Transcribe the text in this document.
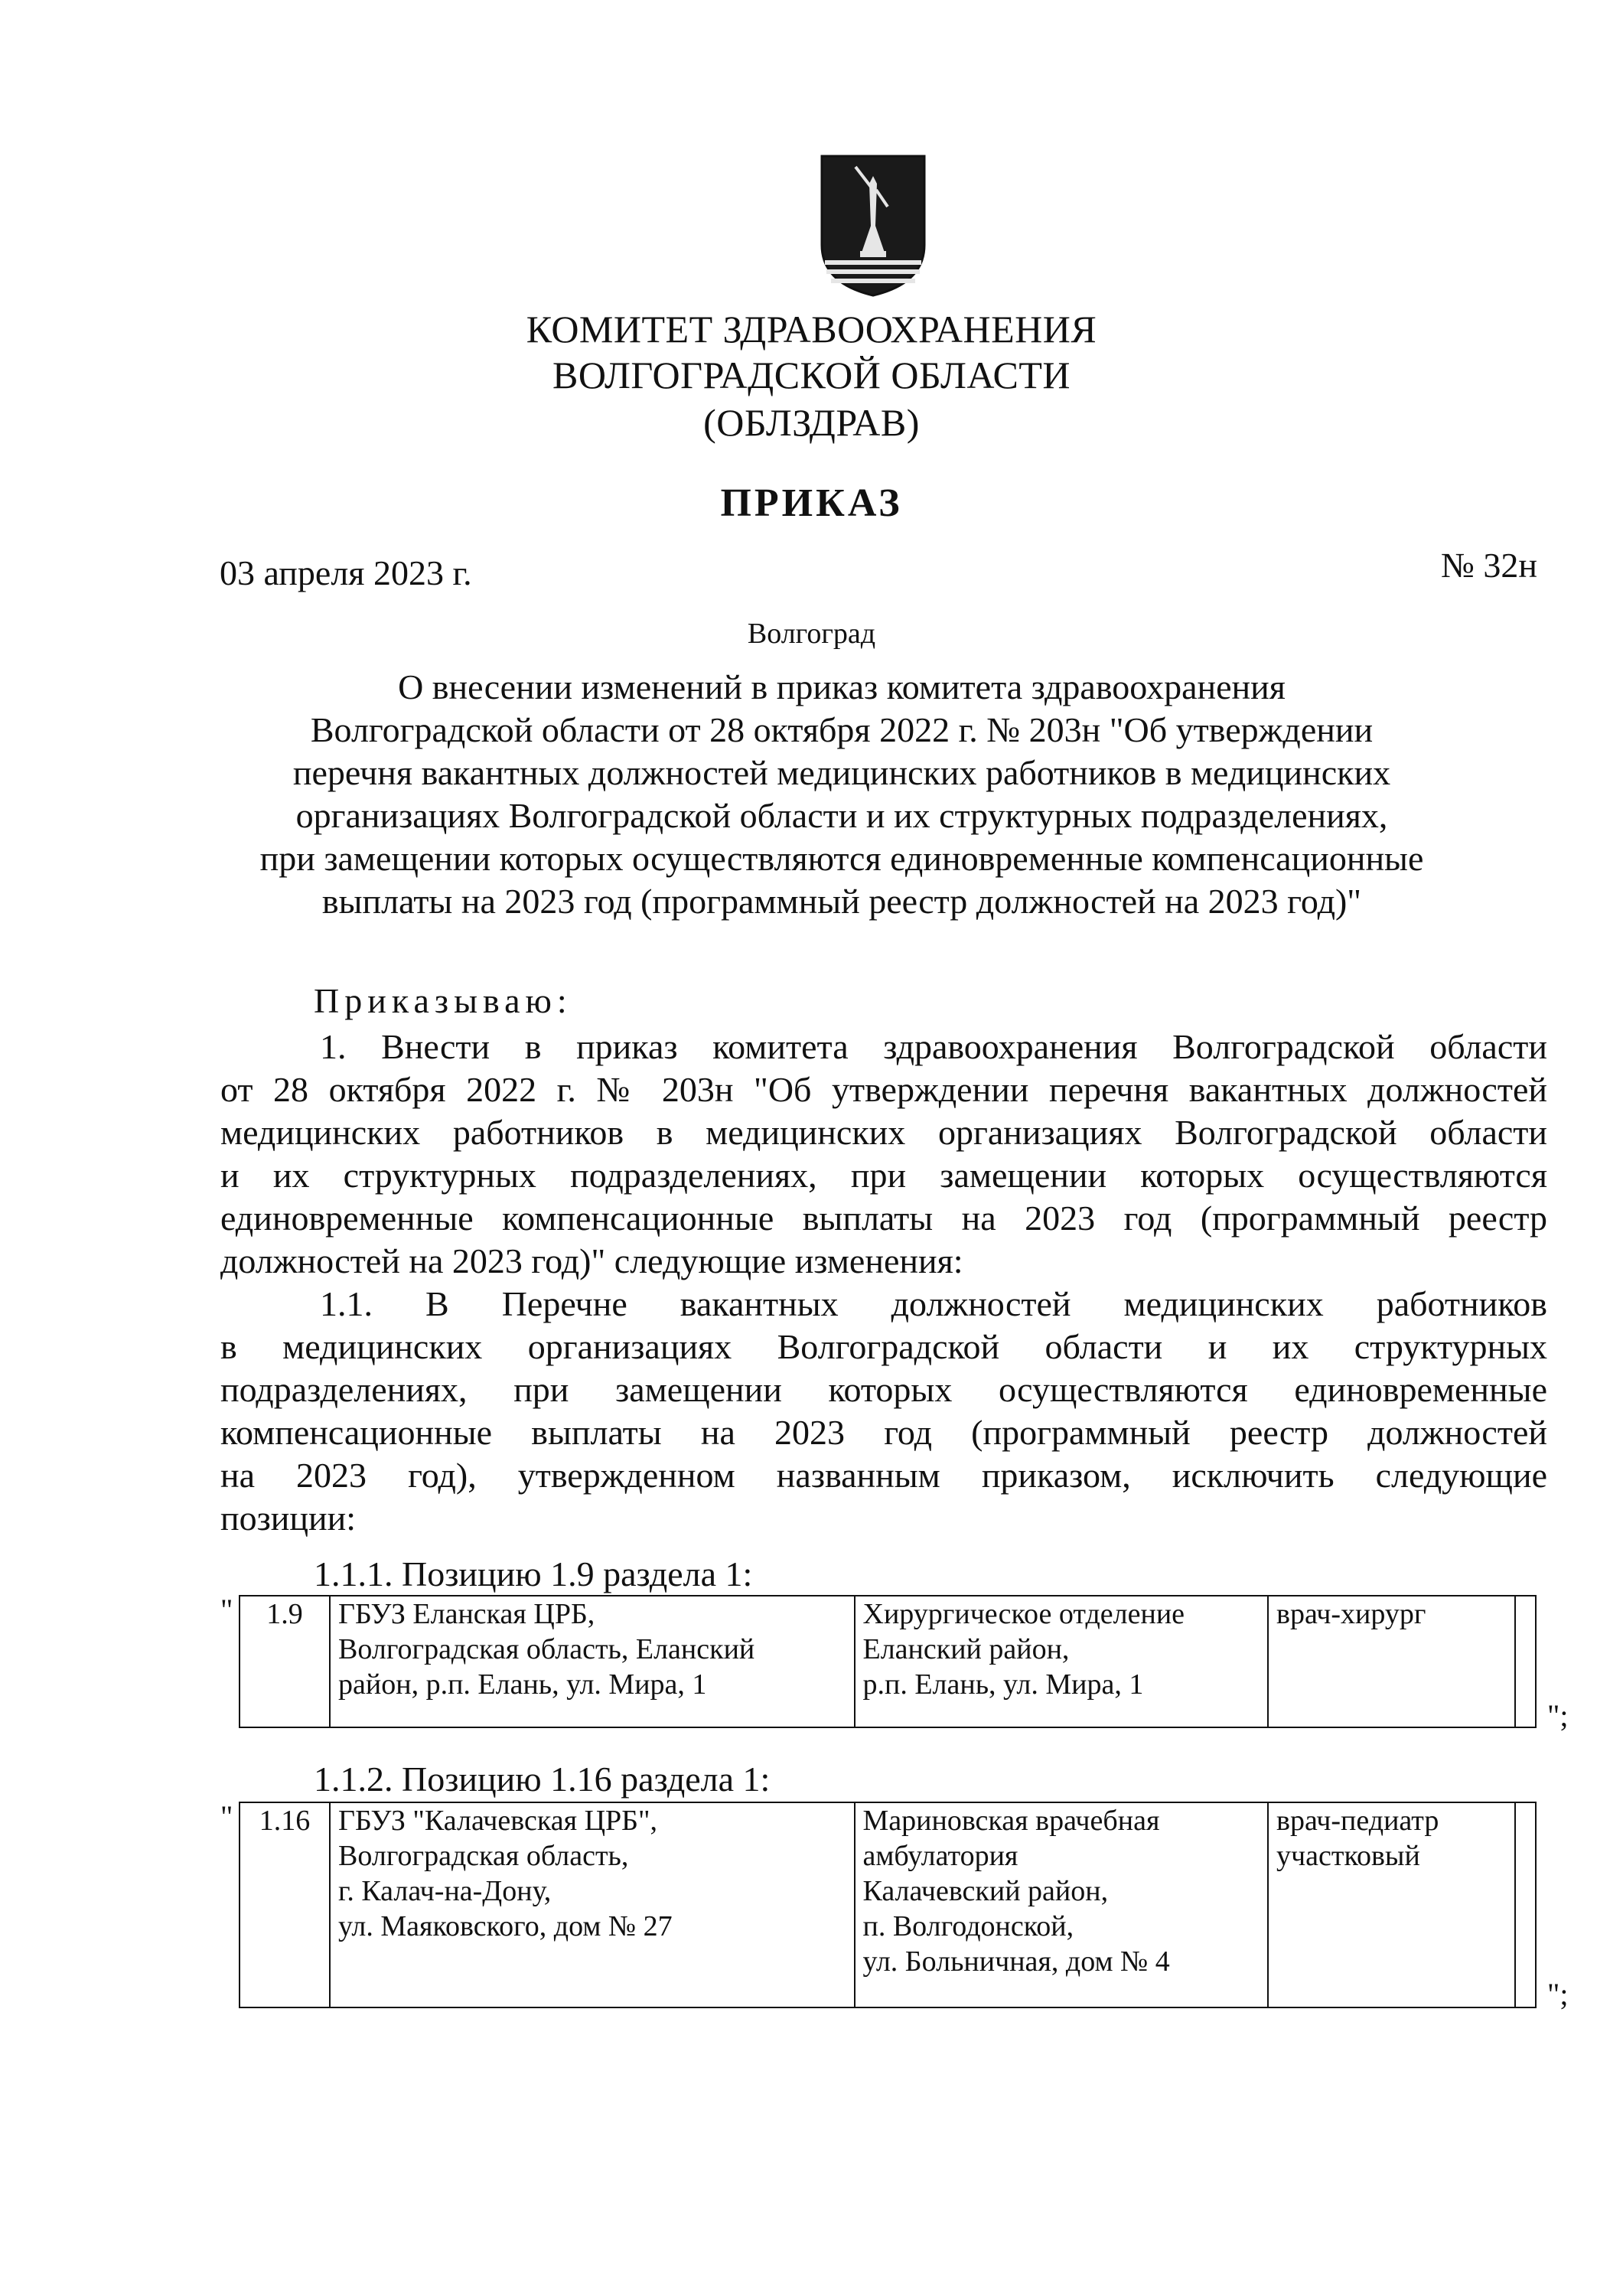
КОМИТЕТ ЗДРАВООХРАНЕНИЯ
ВОЛГОГРАДСКОЙ ОБЛАСТИ
(ОБЛЗДРАВ)
ПРИКАЗ
03 апреля 2023 г.	№ 32н
Волгоград
О внесении изменений в приказ комитета здравоохранения
Волгоградской области от 28 октября 2022 г. № 203н "Об утверждении
перечня вакантных должностей медицинских работников в медицинских
организациях Волгоградской области и их структурных подразделениях,
при замещении которых осуществляются единовременные компенсационные
выплаты на 2023 год (программный реестр должностей на 2023 год)"
Приказываю:
1. Внести в приказ комитета здравоохранения Волгоградской области
от 28 октября 2022 г. № 203н "Об утверждении перечня вакантных должностей
медицинских работников в медицинских организациях Волгоградской области
и их структурных подразделениях, при замещении которых осуществляются
единовременные компенсационные выплаты на 2023 год (программный реестр
должностей на 2023 год)" следующие изменения:
1.1. В Перечне вакантных должностей медицинских работников
в медицинских организациях Волгоградской области и их структурных
подразделениях, при замещении которых осуществляются единовременные
компенсационные выплаты на 2023 год (программный реестр должностей
на 2023 год), утвержденном названным приказом, исключить следующие
позиции:
1.1.1. Позицию 1.9 раздела 1:
" 1.9	ГБУЗ Еланская ЦРБ,
Волгоградская область, Еланский
район, р.п. Елань, ул. Мира, 1

Хирургическое отделение
Еланский район,
р.п. Елань, ул. Мира, 1

врач-хирург

";
1.1.2. Позицию 1.16 раздела 1:
" 1.16	ГБУЗ "Калачевская ЦРБ",
Волгоградская область,
г. Калач-на-Дону,
ул. Маяковского, дом № 27

Мариновская врачебная
амбулатория
Калачевский район,
п. Волгодонской,
ул. Больничная, дом № 4

врач-педиатр
участковый

";
